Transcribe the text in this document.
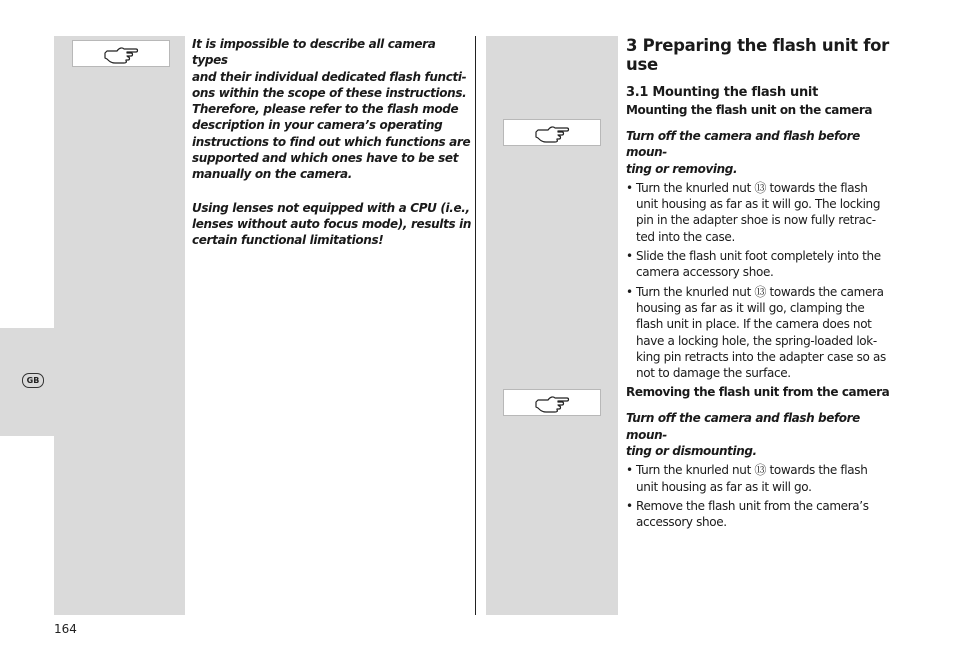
GB

It is impossible to describe all camera types
and their individual dedicated flash functi-
ons within the scope of these instructions.
Therefore, please refer to the flash mode
description in your camera’s operating
instructions to find out which functions are
supported and which ones have to be set
manually on the camera.

Using lenses not equipped with a CPU (i.e.,
lenses without auto focus mode), results in
certain functional limitations!

3 Preparing the flash unit for use
3.1 Mounting the flash unit
Mounting the flash unit on the camera
Turn off the camera and flash before moun-
ting or removing.
• Turn the knurled nut ⑬ towards the flash
unit housing as far as it will go. The locking
pin in the adapter shoe is now fully retrac-
ted into the case.
• Slide the flash unit foot completely into the
camera accessory shoe.
• Turn the knurled nut ⑬ towards the camera
housing as far as it will go, clamping the
flash unit in place. If the camera does not
have a locking hole, the spring-loaded lok-
king pin retracts into the adapter case so as
not to damage the surface.
Removing the flash unit from the camera
Turn off the camera and flash before moun-
ting or dismounting.
• Turn the knurled nut ⑬ towards the flash
unit housing as far as it will go.
• Remove the flash unit from the camera’s
accessory shoe.
164
